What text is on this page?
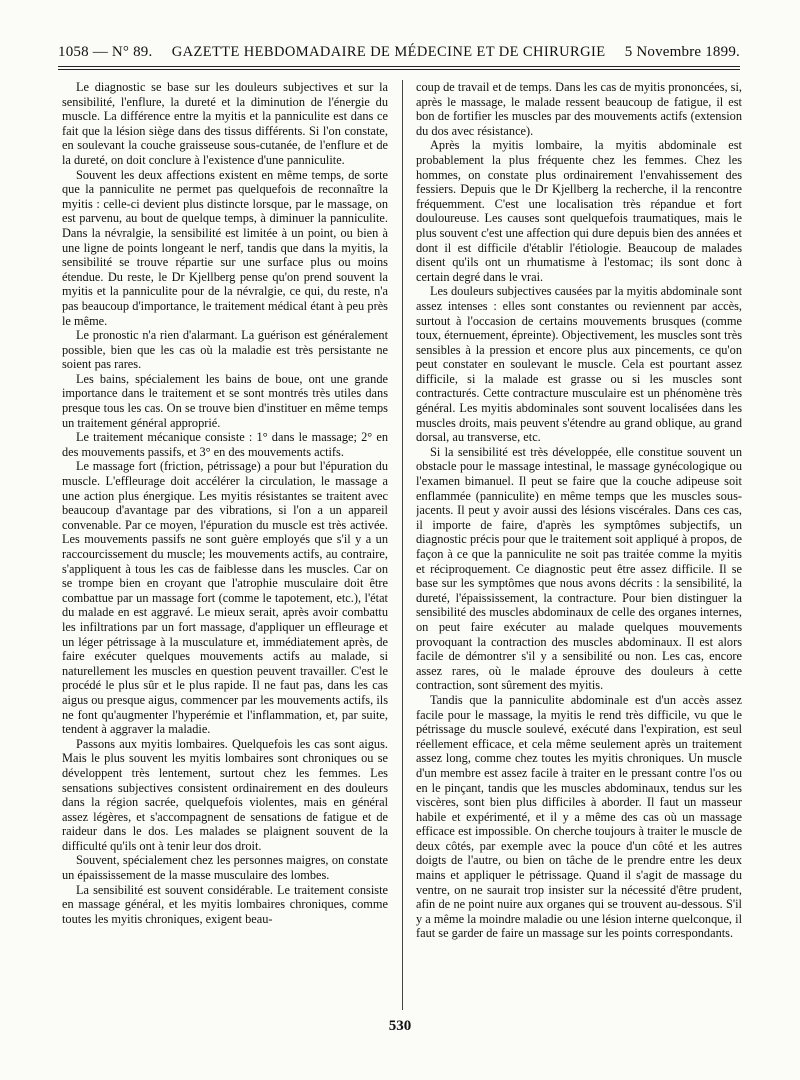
1058 — N° 89. GAZETTE HEBDOMADAIRE DE MÉDECINE ET DE CHIRURGIE 5 Novembre 1899.

Le diagnostic se base sur les douleurs subjectives et sur la sensibilité, l'enflure, la dureté et la diminution de l'énergie du muscle. La différence entre la myitis et la panniculite est dans ce fait que la lésion siège dans des tissus différents. Si l'on constate, en soulevant la couche graisseuse sous-cutanée, de l'enflure et de la dureté, on doit conclure à l'existence d'une panniculite.

Souvent les deux affections existent en même temps, de sorte que la panniculite ne permet pas quelquefois de reconnaître la myitis : celle-ci devient plus distincte lorsque, par le massage, on est parvenu, au bout de quelque temps, à diminuer la panniculite. Dans la névralgie, la sensibilité est limitée à un point, ou bien à une ligne de points longeant le nerf, tandis que dans la myitis, la sensibilité se trouve répartie sur une surface plus ou moins étendue. Du reste, le Dr Kjellberg pense qu'on prend souvent la myitis et la panniculite pour de la névralgie, ce qui, du reste, n'a pas beaucoup d'importance, le traitement médical étant à peu près le même.

Le pronostic n'a rien d'alarmant. La guérison est généralement possible, bien que les cas où la maladie est très persistante ne soient pas rares.

Les bains, spécialement les bains de boue, ont une grande importance dans le traitement et se sont montrés très utiles dans presque tous les cas. On se trouve bien d'instituer en même temps un traitement général approprié.

Le traitement mécanique consiste : 1° dans le massage; 2° en des mouvements passifs, et 3° en des mouvements actifs.

Le massage fort (friction, pétrissage) a pour but l'épuration du muscle. L'effleurage doit accélérer la circulation, le massage a une action plus énergique. Les myitis résistantes se traitent avec beaucoup d'avantage par des vibrations, si l'on a un appareil convenable. Par ce moyen, l'épuration du muscle est très activée. Les mouvements passifs ne sont guère employés que s'il y a un raccourcissement du muscle; les mouvements actifs, au contraire, s'appliquent à tous les cas de faiblesse dans les muscles. Car on se trompe bien en croyant que l'atrophie musculaire doit être combattue par un massage fort (comme le tapotement, etc.), l'état du malade en est aggravé. Le mieux serait, après avoir combattu les infiltrations par un fort massage, d'appliquer un effleurage et un léger pétrissage à la musculature et, immédiatement après, de faire exécuter quelques mouvements actifs au malade, si naturellement les muscles en question peuvent travailler. C'est le procédé le plus sûr et le plus rapide. Il ne faut pas, dans les cas aigus ou presque aigus, commencer par les mouvements actifs, ils ne font qu'augmenter l'hyperémie et l'inflammation, et, par suite, tendent à aggraver la maladie.

Passons aux myitis lombaires. Quelquefois les cas sont aigus. Mais le plus souvent les myitis lombaires sont chroniques ou se développent très lentement, surtout chez les femmes. Les sensations subjectives consistent ordinairement en des douleurs dans la région sacrée, quelquefois violentes, mais en général assez légères, et s'accompagnent de sensations de fatigue et de raideur dans le dos. Les malades se plaignent souvent de la difficulté qu'ils ont à tenir leur dos droit.

Souvent, spécialement chez les personnes maigres, on constate un épaississement de la masse musculaire des lombes.

La sensibilité est souvent considérable. Le traitement consiste en massage général, et les myitis lombaires chroniques, comme toutes les myitis chroniques, exigent beau-

coup de travail et de temps. Dans les cas de myitis prononcées, si, après le massage, le malade ressent beaucoup de fatigue, il est bon de fortifier les muscles par des mouvements actifs (extension du dos avec résistance).

Après la myitis lombaire, la myitis abdominale est probablement la plus fréquente chez les femmes. Chez les hommes, on constate plus ordinairement l'envahissement des fessiers. Depuis que le Dr Kjellberg la recherche, il la rencontre fréquemment. C'est une localisation très répandue et fort douloureuse. Les causes sont quelquefois traumatiques, mais le plus souvent c'est une affection qui dure depuis bien des années et dont il est difficile d'établir l'étiologie. Beaucoup de malades disent qu'ils ont un rhumatisme à l'estomac; ils sont donc à certain degré dans le vrai.

Les douleurs subjectives causées par la myitis abdominale sont assez intenses : elles sont constantes ou reviennent par accès, surtout à l'occasion de certains mouvements brusques (comme toux, éternuement, épreinte). Objectivement, les muscles sont très sensibles à la pression et encore plus aux pincements, ce qu'on peut constater en soulevant le muscle. Cela est pourtant assez difficile, si la malade est grasse ou si les muscles sont contracturés. Cette contracture musculaire est un phénomène très général. Les myitis abdominales sont souvent localisées dans les muscles droits, mais peuvent s'étendre au grand oblique, au grand dorsal, au transverse, etc.

Si la sensibilité est très développée, elle constitue souvent un obstacle pour le massage intestinal, le massage gynécologique ou l'examen bimanuel. Il peut se faire que la couche adipeuse soit enflammée (panniculite) en même temps que les muscles sous-jacents. Il peut y avoir aussi des lésions viscérales. Dans ces cas, il importe de faire, d'après les symptômes subjectifs, un diagnostic précis pour que le traitement soit appliqué à propos, de façon à ce que la panniculite ne soit pas traitée comme la myitis et réciproquement. Ce diagnostic peut être assez difficile. Il se base sur les symptômes que nous avons décrits : la sensibilité, la dureté, l'épaississement, la contracture. Pour bien distinguer la sensibilité des muscles abdominaux de celle des organes internes, on peut faire exécuter au malade quelques mouvements provoquant la contraction des muscles abdominaux. Il est alors facile de démontrer s'il y a sensibilité ou non. Les cas, encore assez rares, où le malade éprouve des douleurs à cette contraction, sont sûrement des myitis.

Tandis que la panniculite abdominale est d'un accès assez facile pour le massage, la myitis le rend très difficile, vu que le pétrissage du muscle soulevé, exécuté dans l'expiration, est seul réellement efficace, et cela même seulement après un traitement assez long, comme chez toutes les myitis chroniques. Un muscle d'un membre est assez facile à traiter en le pressant contre l'os ou en le pinçant, tandis que les muscles abdominaux, tendus sur les viscères, sont bien plus difficiles à aborder. Il faut un masseur habile et expérimenté, et il y a même des cas où un massage efficace est impossible. On cherche toujours à traiter le muscle de deux côtés, par exemple avec la pouce d'un côté et les autres doigts de l'autre, ou bien on tâche de le prendre entre les deux mains et appliquer le pétrissage. Quand il s'agit de massage du ventre, on ne saurait trop insister sur la nécessité d'être prudent, afin de ne point nuire aux organes qui se trouvent au-dessous. S'il y a même la moindre maladie ou une lésion interne quelconque, il faut se garder de faire un massage sur les points correspondants.

530
